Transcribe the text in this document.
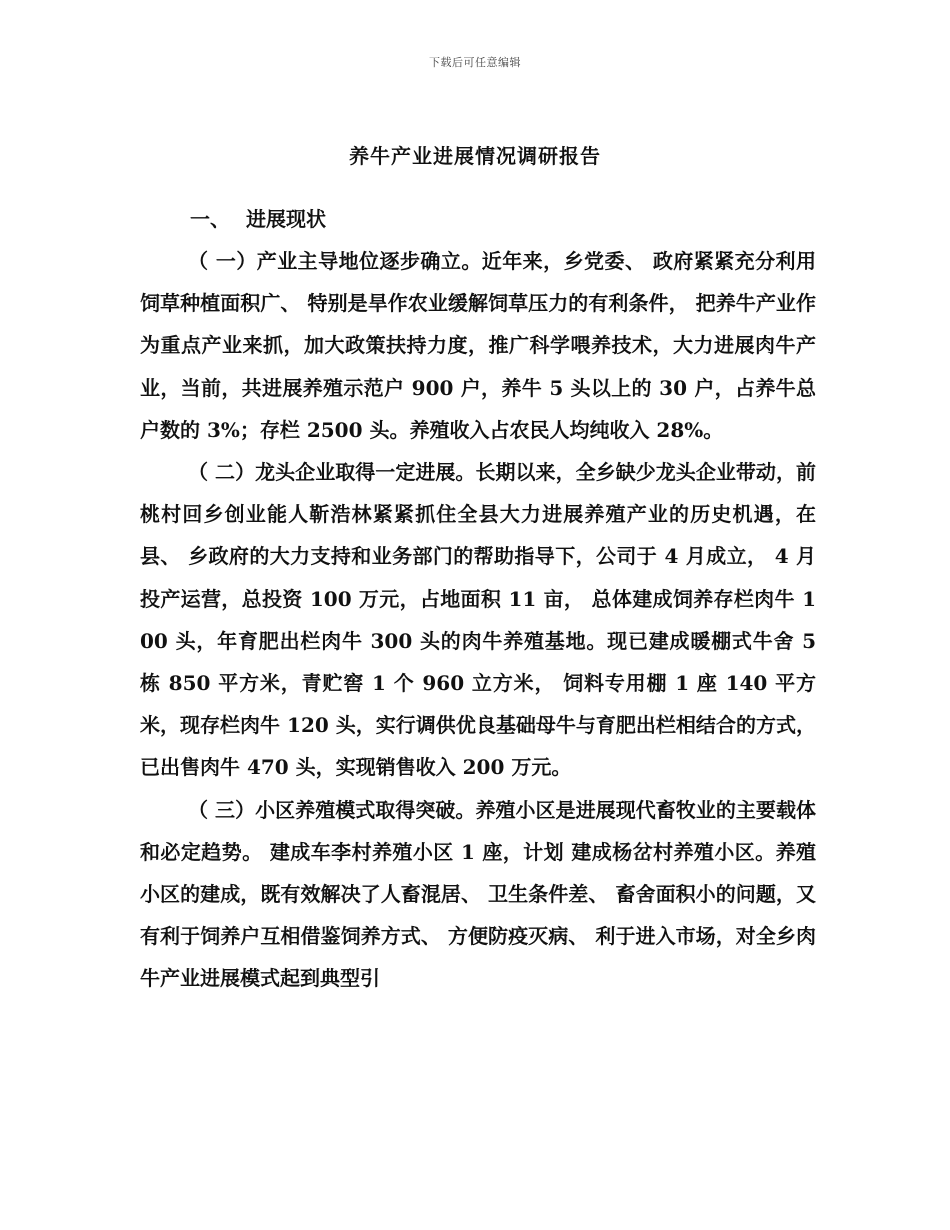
下载后可任意编辑
养牛产业进展情况调研报告
一、 进展现状

（ 一）产业主导地位逐步确立。近年来，乡党委、 政府紧紧充分利用饲草种植面积广、 特别是旱作农业缓解饲草压力的有利条件， 把养牛产业作为重点产业来抓，加大政策扶持力度，推广科学喂养技术，大力进展肉牛产业，当前，共进展养殖示范户 900 户，养牛 5 头以上的 30 户，占养牛总户数的 3%；存栏 2500 头。养殖收入占农民人均纯收入 28%。

（ 二）龙头企业取得一定进展。长期以来，全乡缺少龙头企业带动，前桃村回乡创业能人靳浩林紧紧抓住全县大力进展养殖产业的历史机遇，在县、 乡政府的大力支持和业务部门的帮助指导下，公司于 4 月成立， 4 月投产运营，总投资 100 万元，占地面积 11 亩， 总体建成饲养存栏肉牛 100 头，年育肥出栏肉牛 300 头的肉牛养殖基地。现已建成暖棚式牛舍 5 栋 850 平方米，青贮窖 1 个 960 立方米， 饲料专用棚 1 座 140 平方米，现存栏肉牛 120 头，实行调供优良基础母牛与育肥出栏相结合的方式，已出售肉牛 470 头，实现销售收入 200 万元。

（ 三）小区养殖模式取得突破。养殖小区是进展现代畜牧业的主要载体和必定趋势。 建成车李村养殖小区 1 座，计划 建成杨岔村养殖小区。养殖小区的建成，既有效解决了人畜混居、 卫生条件差、 畜舍面积小的问题，又有利于饲养户互相借鉴饲养方式、 方便防疫灭病、 利于进入市场，对全乡肉牛产业进展模式起到典型引
